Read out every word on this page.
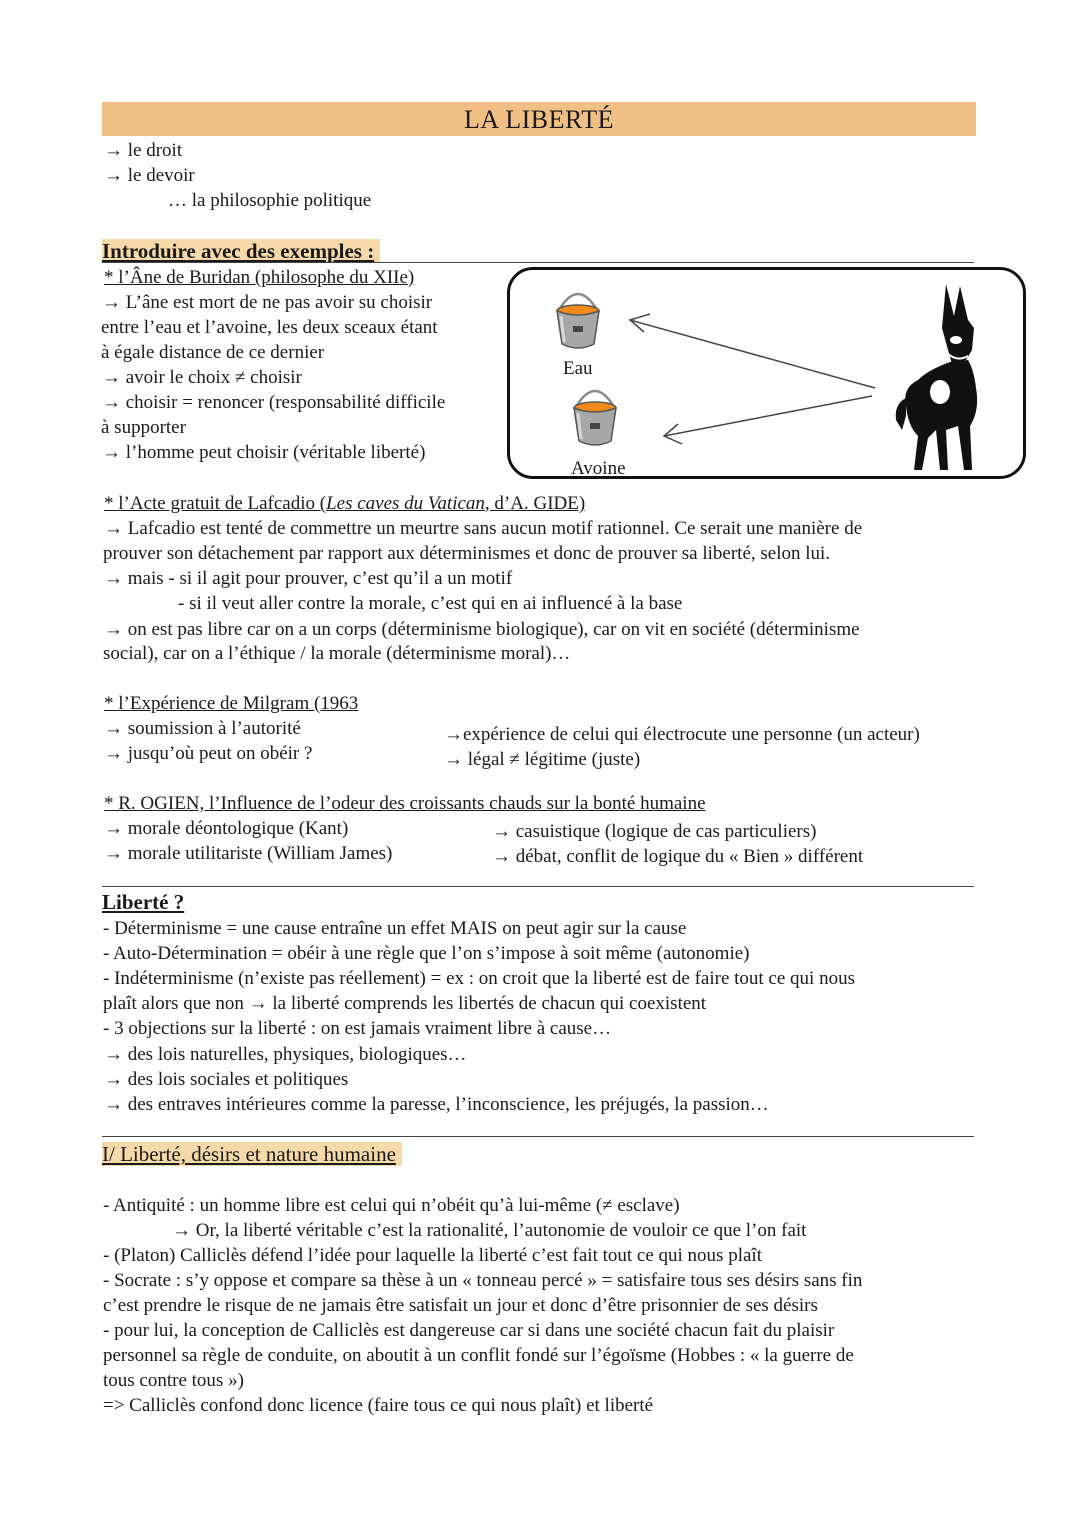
LA LIBERTÉ
→ le droit
→ le devoir
… la philosophie politique
Introduire avec des exemples :
* l’Âne de Buridan (philosophe du XIIe)
→ L’âne est mort de ne pas avoir su choisir
entre l’eau et l’avoine, les deux sceaux étant
à égale distance de ce dernier
→ avoir le choix ≠ choisir
→ choisir = renoncer (responsabilité difficile
à supporter
→ l’homme peut choisir (véritable liberté)
Eau
Avoine
* l’Acte gratuit de Lafcadio (Les caves du Vatican, d’A. GIDE)
→ Lafcadio est tenté de commettre un meurtre sans aucun motif rationnel. Ce serait une manière de
prouver son détachement par rapport aux déterminismes et donc de prouver sa liberté, selon lui.
→ mais - si il agit pour prouver, c’est qu’il a un motif
- si il veut aller contre la morale, c’est qui en ai influencé à la base
→ on est pas libre car on a un corps (déterminisme biologique), car on vit en société (déterminisme
social), car on a l’éthique / la morale (déterminisme moral)…
* l’Expérience de Milgram (1963
→ soumission à l’autorité
→ jusqu’où peut on obéir ?
→expérience de celui qui électrocute une personne (un acteur)
→ légal ≠ légitime (juste)
* R. OGIEN, l’Influence de l’odeur des croissants chauds sur la bonté humaine
→ morale déontologique (Kant)
→ morale utilitariste (William James)
→ casuistique (logique de cas particuliers)
→ débat, conflit de logique du « Bien » différent
Liberté ?
- Déterminisme = une cause entraîne un effet MAIS on peut agir sur la cause
- Auto-Détermination = obéir à une règle que l’on s’impose à soit même (autonomie)
- Indéterminisme (n’existe pas réellement) = ex : on croit que la liberté est de faire tout ce qui nous
plaît alors que non → la liberté comprends les libertés de chacun qui coexistent
- 3 objections sur la liberté : on est jamais vraiment libre à cause…
→ des lois naturelles, physiques, biologiques…
→ des lois sociales et politiques
→ des entraves intérieures comme la paresse, l’inconscience, les préjugés, la passion…
I/ Liberté, désirs et nature humaine
- Antiquité : un homme libre est celui qui n’obéit qu’à lui-même (≠ esclave)
→ Or, la liberté véritable c’est la rationalité, l’autonomie de vouloir ce que l’on fait
- (Platon) Calliclès défend l’idée pour laquelle la liberté c’est fait tout ce qui nous plaît
- Socrate : s’y oppose et compare sa thèse à un « tonneau percé » = satisfaire tous ses désirs sans fin
c’est prendre le risque de ne jamais être satisfait un jour et donc d’être prisonnier de ses désirs
- pour lui, la conception de Calliclès est dangereuse car si dans une société chacun fait du plaisir
personnel sa règle de conduite, on aboutit à un conflit fondé sur l’égoïsme (Hobbes : « la guerre de
tous contre tous »)
=> Calliclès confond donc licence (faire tous ce qui nous plaît) et liberté
